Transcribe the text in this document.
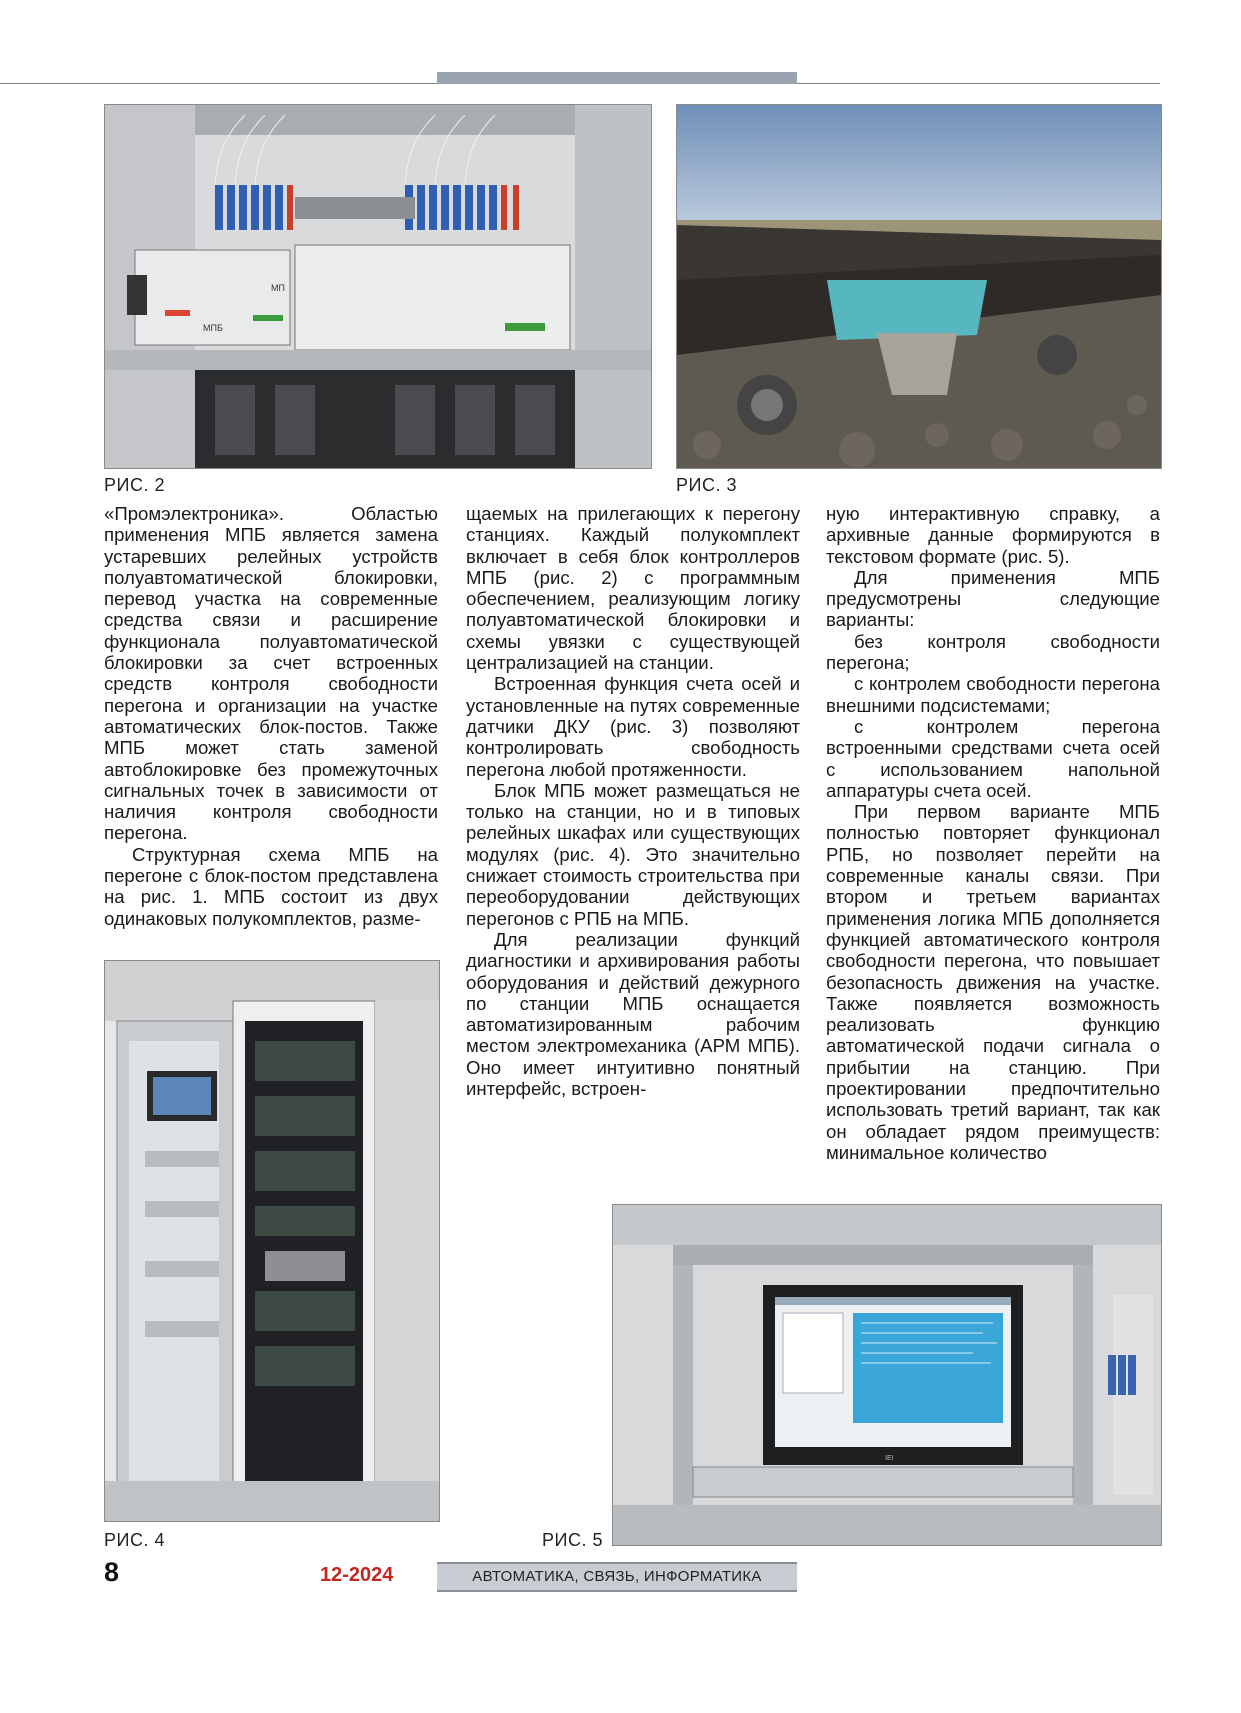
МП
МПБ
РИС. 2	РИС. 3

«Промэлектроника». Областью применения МПБ является замена устаревших релейных устройств полуавтоматической блокировки, перевод участка на современные средства связи и расширение функционала полуавтоматической блокировки за счет встроенных средств контроля свободности перегона и организации на участке автоматических блок-постов. Также МПБ может стать заменой автоблокировке без промежуточных сигнальных точек в зависимости от наличия контроля свободности перегона.

Структурная схема МПБ на перегоне с блок-постом представлена на рис. 1. МПБ состоит из двух одинаковых полукомплектов, разме-

щаемых на прилегающих к перегону станциях. Каждый полукомплект включает в себя блок контроллеров МПБ (рис. 2) с программным обеспечением, реализующим логику полуавтоматической блокировки и схемы увязки с существующей централизацией на станции.

Встроенная функция счета осей и установленные на путях современные датчики ДКУ (рис. 3) позволяют контролировать свободность перегона любой протяженности.

Блок МПБ может размещаться не только на станции, но и в типовых релейных шкафах или существующих модулях (рис. 4). Это значительно снижает стоимость строительства при переоборудовании действующих перегонов с РПБ на МПБ.

Для реализации функций диагностики и архивирования работы оборудования и действий дежурного по станции МПБ оснащается автоматизированным рабочим местом электромеханика (АРМ МПБ). Оно имеет интуитивно понятный интерфейс, встроен-

ную интерактивную справку, а архивные данные формируются в текстовом формате (рис. 5).

Для применения МПБ предусмотрены следующие варианты:

без контроля свободности перегона;

с контролем свободности перегона внешними подсистемами;

с контролем перегона встроенными средствами счета осей с использованием напольной аппаратуры счета осей.

При первом варианте МПБ полностью повторяет функционал РПБ, но позволяет перейти на современные каналы связи. При втором и третьем вариантах применения логика МПБ дополняется функцией автоматического контроля свободности перегона, что повышает безопасность движения на участке. Также появляется возможность реализовать функцию автоматической подачи сигнала о прибытии на станцию. При проектировании предпочтительно использовать третий вариант, так как он обладает рядом преимуществ: минимальное количество

РИС. 4
IEI
РИС. 5
8	12-2024	АВТОМАТИКА, СВЯЗЬ, ИНФОРМАТИКА
